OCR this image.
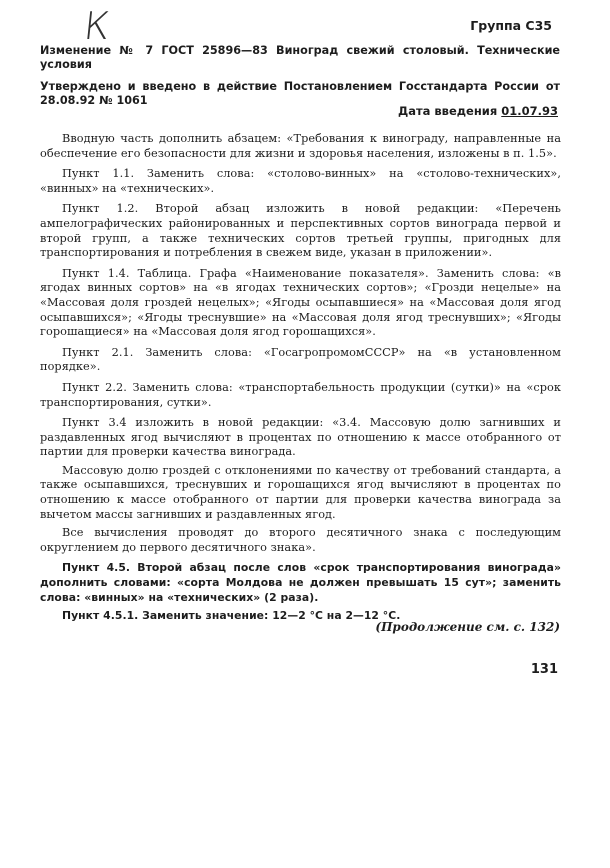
К	Группа С35
Изменение № 7 ГОСТ 25896—83 Виноград свежий столовый. Технические условия
Утверждено и введено в действие Постановлением Госстандарта России от 28.08.92 № 1061
Дата введения 01.07.93

Вводную часть дополнить абзацем: «Требования к винограду, направленные на обеспечение его безопасности для жизни и здоровья населения, изложены в п. 1.5».

Пункт 1.1. Заменить слова: «столово-винных» на «столово-технических», «винных» на «технических».

Пункт 1.2. Второй абзац изложить в новой редакции: «Перечень ампелографических районированных и перспективных сортов винограда первой и второй групп, а также технических сортов третьей группы, пригодных для транспортирования и потребления в свежем виде, указан в приложении».

Пункт 1.4. Таблица. Графа «Наименование показателя». Заменить слова: «в ягодах винных сортов» на «в ягодах технических сортов»; «Грозди нецелые» на «Массовая доля гроздей нецелых»; «Ягоды осыпавшиеся» на «Массовая доля ягод осыпавшихся»; «Ягоды треснувшие» на «Массовая доля ягод треснувших»; «Ягоды горошащиеся» на «Массовая доля ягод горошащихся».

Пункт 2.1. Заменить слова: «ГосагропромомСССР» на «в установленном порядке».

Пункт 2.2. Заменить слова: «транспортабельность продукции (сутки)» на «срок транспортирования, сутки».

Пункт 3.4 изложить в новой редакции: «3.4. Массовую долю загнивших и раздавленных ягод вычисляют в процентах по отношению к массе отобранного от партии для проверки качества винограда.

Массовую долю гроздей с отклонениями по качеству от требований стандарта, а также осыпавшихся, треснувших и горошащихся ягод вычисляют в процентах по отношению к массе отобранного от партии для проверки качества винограда за вычетом массы загнивших и раздавленных ягод.

Все вычисления проводят до второго десятичного знака с последующим округлением до первого десятичного знака».

Пункт 4.5. Второй абзац после слов «срок транспортирования винограда» дополнить словами: «сорта Молдова не должен превышать 15 сут»; заменить слова: «винных» на «технических» (2 раза).

Пункт 4.5.1. Заменить значение: 12—2 °С на 2—12 °С.

(Продолжение см. с. 132)
131
